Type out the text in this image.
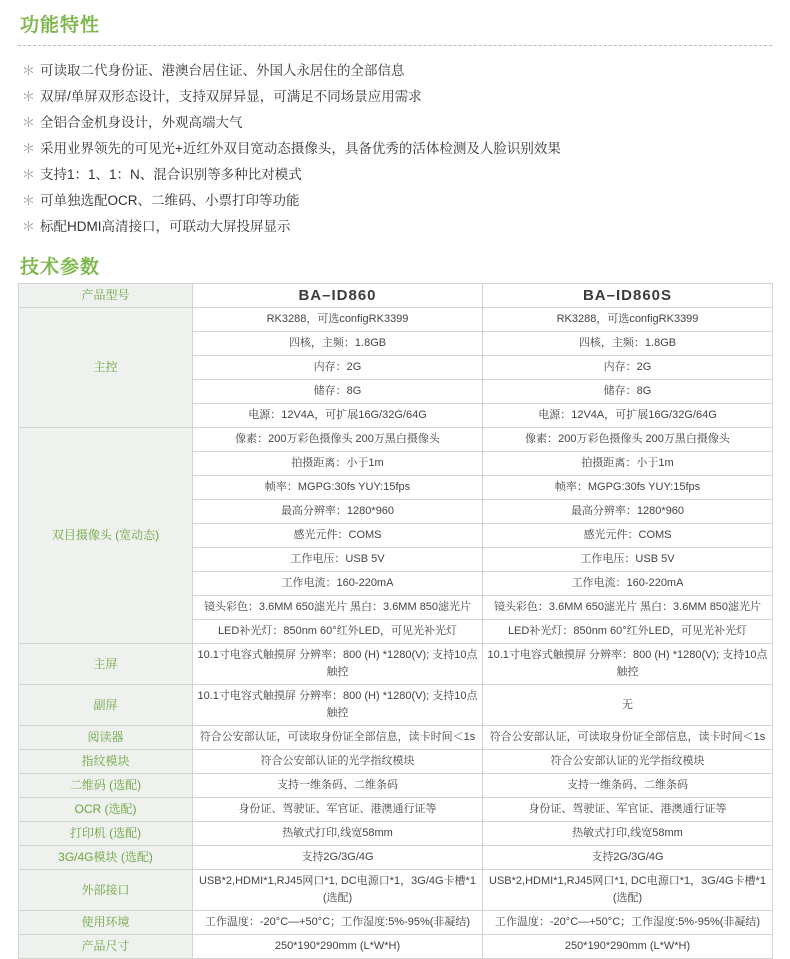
功能特性
＊ 可读取二代身份证、港澳台居住证、外国人永居住的全部信息
＊ 双屏/单屏双形态设计，支持双屏异显，可满足不同场景应用需求
＊ 全铝合金机身设计，外观高端大气
＊ 采用业界领先的可见光+近红外双目宽动态摄像头，具备优秀的活体检测及人脸识别效果
＊ 支持1：1、1：N、混合识别等多种比对模式
＊ 可单独选配OCR、二维码、小票打印等功能
＊ 标配HDMI高清接口，可联动大屏投屏显示
技术参数
产品型号	BA–ID860	BA–ID860S
主控	RK3288，可选configRK3399	RK3288，可选configRK3399
	四核，主频：1.8GB	四核，主频：1.8GB
	内存：2G	内存：2G
	储存：8G	储存：8G
	电源：12V4A，可扩展16G/32G/64G	电源：12V4A，可扩展16G/32G/64G
双目摄像头 (宽动态)	像素：200万彩色摄像头 200万黑白摄像头	像素：200万彩色摄像头 200万黑白摄像头
	拍摄距离：小于1m	拍摄距离：小于1m
	帧率：MGPG:30fs YUY:15fps	帧率：MGPG:30fs YUY:15fps
	最高分辨率：1280*960	最高分辨率：1280*960
	感光元件：COMS	感光元件：COMS
	工作电压：USB 5V	工作电压：USB 5V
	工作电流：160-220mA	工作电流：160-220mA
	镜头彩色：3.6MM 650滤光片 黑白：3.6MM 850滤光片	镜头彩色：3.6MM 650滤光片 黑白：3.6MM 850滤光片
	LED补光灯：850nm 60°红外LED，可见光补光灯	LED补光灯：850nm 60°红外LED，可见光补光灯
主屏	10.1寸电容式触摸屏 分辨率：800 (H) *1280(V); 支持10点触控	10.1寸电容式触摸屏 分辨率：800 (H) *1280(V); 支持10点触控
副屏	10.1寸电容式触摸屏 分辨率：800 (H) *1280(V); 支持10点触控	无
阅读器	符合公安部认证，可读取身份证全部信息，读卡时间＜1s	符合公安部认证，可读取身份证全部信息，读卡时间＜1s
指纹模块	符合公安部认证的光学指纹模块	符合公安部认证的光学指纹模块
二维码 (选配)	支持一维条码、二维条码	支持一维条码、二维条码
OCR (选配)	身份证、驾驶证、军官证、港澳通行证等	身份证、驾驶证、军官证、港澳通行证等
打印机 (选配)	热敏式打印,线宽58mm	热敏式打印,线宽58mm
3G/4G模块 (选配)	支持2G/3G/4G	支持2G/3G/4G
外部接口	USB*2,HDMI*1,RJ45网口*1, DC电源口*1，3G/4G卡槽*1 (选配)	USB*2,HDMI*1,RJ45网口*1, DC电源口*1，3G/4G卡槽*1 (选配)
使用环境	工作温度：-20°C—+50°C；工作湿度:5%-95%(非凝结)	工作温度：-20°C—+50°C；工作湿度:5%-95%(非凝结)
产品尺寸	250*190*290mm (L*W*H)	250*190*290mm (L*W*H)
